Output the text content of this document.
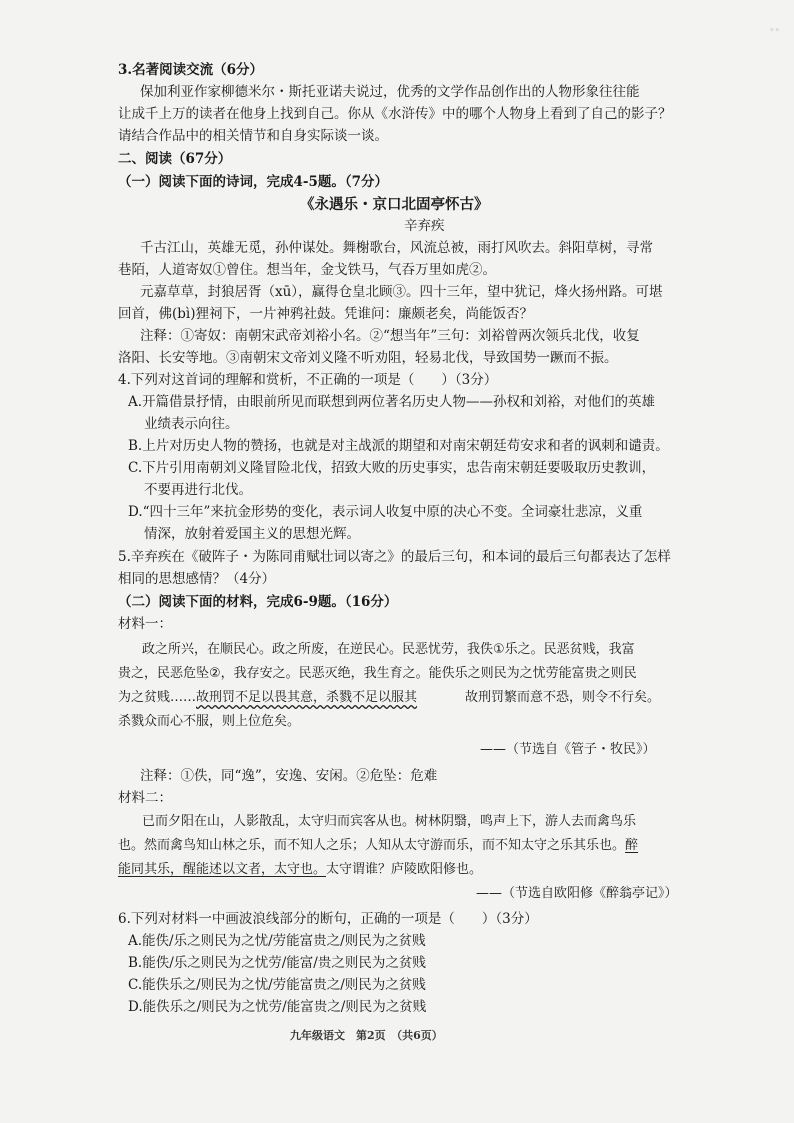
◦◦
3.名著阅读交流（6分）
保加利亚作家柳德米尔・斯托亚诺夫说过，优秀的文学作品创作出的人物形象往往能
让成千上万的读者在他身上找到自己。你从《水浒传》中的哪个人物身上看到了自己的影子？
请结合作品中的相关情节和自身实际谈一谈。
二、阅读（67分）
（一）阅读下面的诗词，完成4-5题。（7分）
《永遇乐・京口北固亭怀古》
辛弃疾
千古江山，英雄无觅，孙仲谋处。舞榭歌台，风流总被，雨打风吹去。斜阳草树，寻常
巷陌，人道寄奴①曾住。想当年，金戈铁马，气吞万里如虎②。
元嘉草草，封狼居胥（xū），赢得仓皇北顾③。四十三年，望中犹记，烽火扬州路。可堪
回首，佛(bì)狸祠下，一片神鸦社鼓。凭谁问：廉颇老矣，尚能饭否？
注释：①寄奴：南朝宋武帝刘裕小名。②“想当年”三句：刘裕曾两次领兵北伐，收复
洛阳、长安等地。③南朝宋文帝刘义隆不听劝阻，轻易北伐，导致国势一蹶而不振。
4.下列对这首词的理解和赏析，不正确的一项是（　　）（3分）
A.开篇借景抒情，由眼前所见而联想到两位著名历史人物——孙权和刘裕，对他们的英雄
业绩表示向往。
B.上片对历史人物的赞扬，也就是对主战派的期望和对南宋朝廷苟安求和者的讽刺和谴责。
C.下片引用南朝刘义隆冒险北伐，招致大败的历史事实，忠告南宋朝廷要吸取历史教训，
不要再进行北伐。
D.“四十三年”来抗金形势的变化，表示词人收复中原的决心不变。全词豪壮悲凉，义重
情深，放射着爱国主义的思想光辉。
5.辛弃疾在《破阵子・为陈同甫赋壮词以寄之》的最后三句，和本词的最后三句都表达了怎样
相同的思想感情？（4分）
（二）阅读下面的材料，完成6-9题。（16分）
材料一：
政之所兴，在顺民心。政之所废，在逆民心。民恶忧劳，我佚①乐之。民恶贫贱，我富
贵之，民恶危坠②，我存安之。民恶灭绝，我生育之。能佚乐之则民为之忧劳能富贵之则民
为之贫贱……故刑罚不足以畏其意，杀戮不足以服其	故刑罚繁而意不恐，则令不行矣。
杀戮众而心不服，则上位危矣。
——（节选自《管子・牧民》）
注释：①佚，同“逸”，安逸、安闲。②危坠：危难
材料二：
已而夕阳在山，人影散乱，太守归而宾客从也。树林阴翳，鸣声上下，游人去而禽鸟乐
也。然而禽鸟知山林之乐，而不知人之乐；人知从太守游而乐，而不知太守之乐其乐也。醉
能同其乐，醒能述以文者，太守也。太守谓谁？庐陵欧阳修也。
——（节选自欧阳修《醉翁亭记》）
6.下列对材料一中画波浪线部分的断句，正确的一项是（　　）（3分）
A.能佚/乐之则民为之忧/劳能富贵之/则民为之贫贱
B.能佚/乐之则民为之忧劳/能富/贵之则民为之贫贱
C.能佚乐之/则民为之忧/劳能富贵之/则民为之贫贱
D.能佚乐之/则民为之忧劳/能富贵之/则民为之贫贱
九年级语文　第2页　（共6页）
